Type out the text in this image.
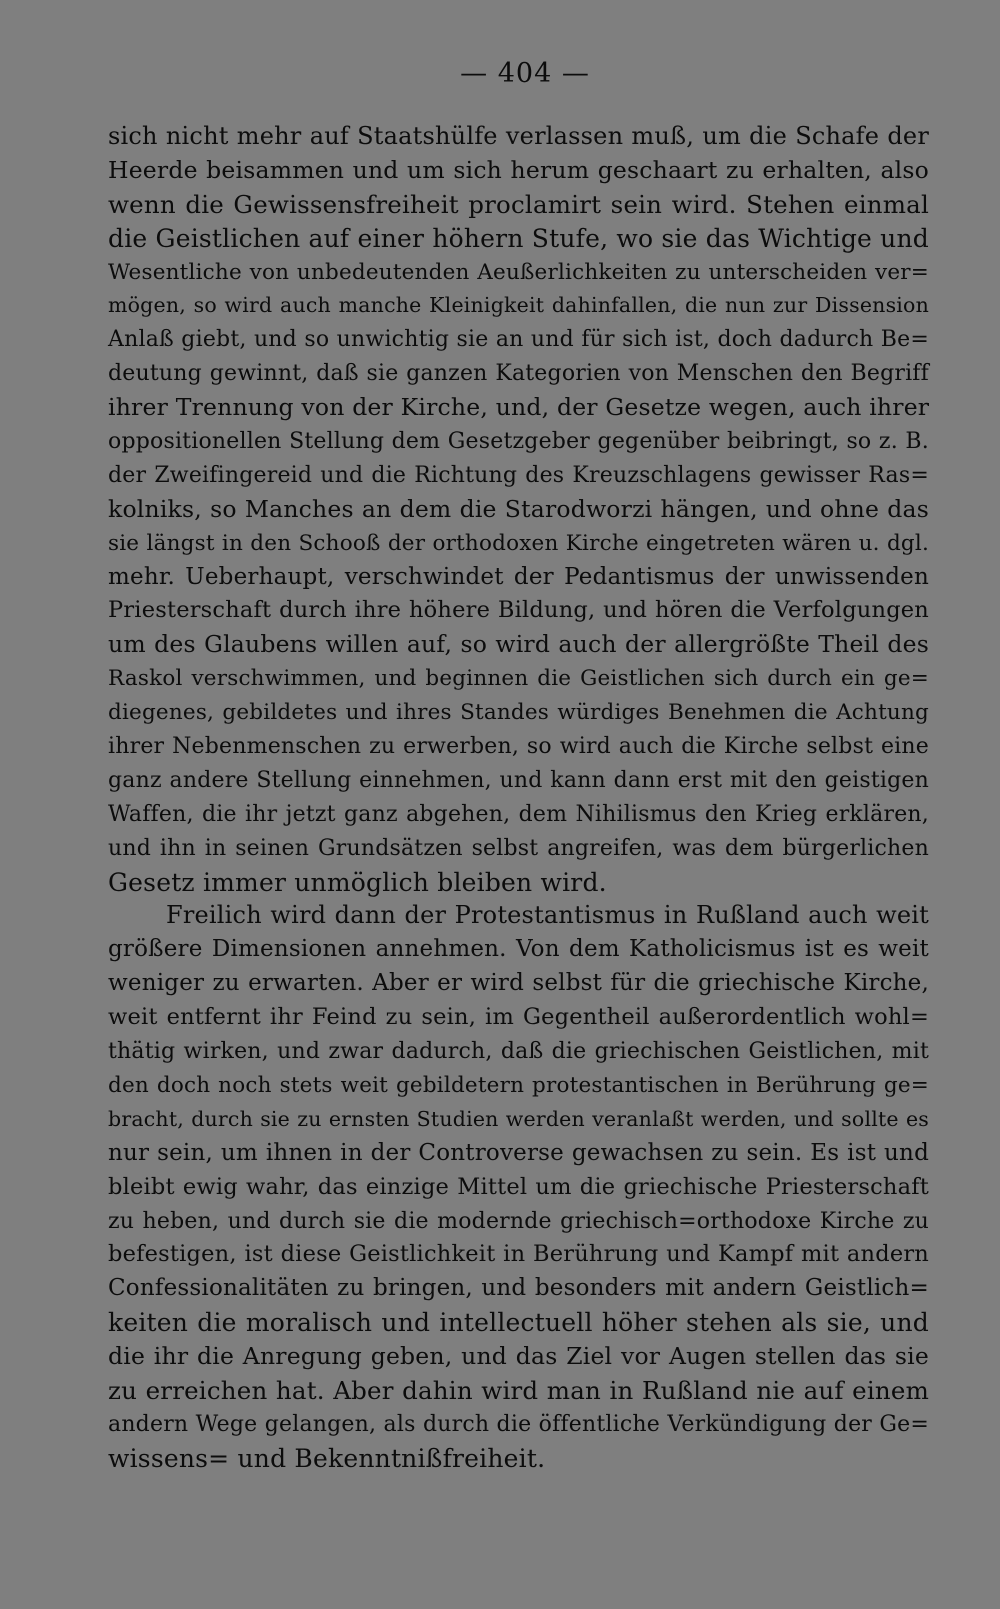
— 404 —
sich nicht mehr auf Staatshülfe verlassen muß, um die Schafe der
Heerde beisammen und um sich herum geschaart zu erhalten, also
wenn die Gewissensfreiheit proclamirt sein wird. Stehen einmal
die Geistlichen auf einer höhern Stufe, wo sie das Wichtige und
Wesentliche von unbedeutenden Aeußerlichkeiten zu unterscheiden ver=
mögen, so wird auch manche Kleinigkeit dahinfallen, die nun zur Dissension
Anlaß giebt, und so unwichtig sie an und für sich ist, doch dadurch Be=
deutung gewinnt, daß sie ganzen Kategorien von Menschen den Begriff
ihrer Trennung von der Kirche, und, der Gesetze wegen, auch ihrer
oppositionellen Stellung dem Gesetzgeber gegenüber beibringt, so z. B.
der Zweifingereid und die Richtung des Kreuzschlagens gewisser Ras=
kolniks, so Manches an dem die Starodworzi hängen, und ohne das
sie längst in den Schooß der orthodoxen Kirche eingetreten wären u. dgl.
mehr. Ueberhaupt, verschwindet der Pedantismus der unwissenden
Priesterschaft durch ihre höhere Bildung, und hören die Verfolgungen
um des Glaubens willen auf, so wird auch der allergrößte Theil des
Raskol verschwimmen, und beginnen die Geistlichen sich durch ein ge=
diegenes, gebildetes und ihres Standes würdiges Benehmen die Achtung
ihrer Nebenmenschen zu erwerben, so wird auch die Kirche selbst eine
ganz andere Stellung einnehmen, und kann dann erst mit den geistigen
Waffen, die ihr jetzt ganz abgehen, dem Nihilismus den Krieg erklären,
und ihn in seinen Grundsätzen selbst angreifen, was dem bürgerlichen
Gesetz immer unmöglich bleiben wird.
Freilich wird dann der Protestantismus in Rußland auch weit
größere Dimensionen annehmen. Von dem Katholicismus ist es weit
weniger zu erwarten. Aber er wird selbst für die griechische Kirche,
weit entfernt ihr Feind zu sein, im Gegentheil außerordentlich wohl=
thätig wirken, und zwar dadurch, daß die griechischen Geistlichen, mit
den doch noch stets weit gebildetern protestantischen in Berührung ge=
bracht, durch sie zu ernsten Studien werden veranlaßt werden, und sollte es
nur sein, um ihnen in der Controverse gewachsen zu sein. Es ist und
bleibt ewig wahr, das einzige Mittel um die griechische Priesterschaft
zu heben, und durch sie die modernde griechisch=orthodoxe Kirche zu
befestigen, ist diese Geistlichkeit in Berührung und Kampf mit andern
Confessionalitäten zu bringen, und besonders mit andern Geistlich=
keiten die moralisch und intellectuell höher stehen als sie, und
die ihr die Anregung geben, und das Ziel vor Augen stellen das sie
zu erreichen hat. Aber dahin wird man in Rußland nie auf einem
andern Wege gelangen, als durch die öffentliche Verkündigung der Ge=
wissens= und Bekenntnißfreiheit.
